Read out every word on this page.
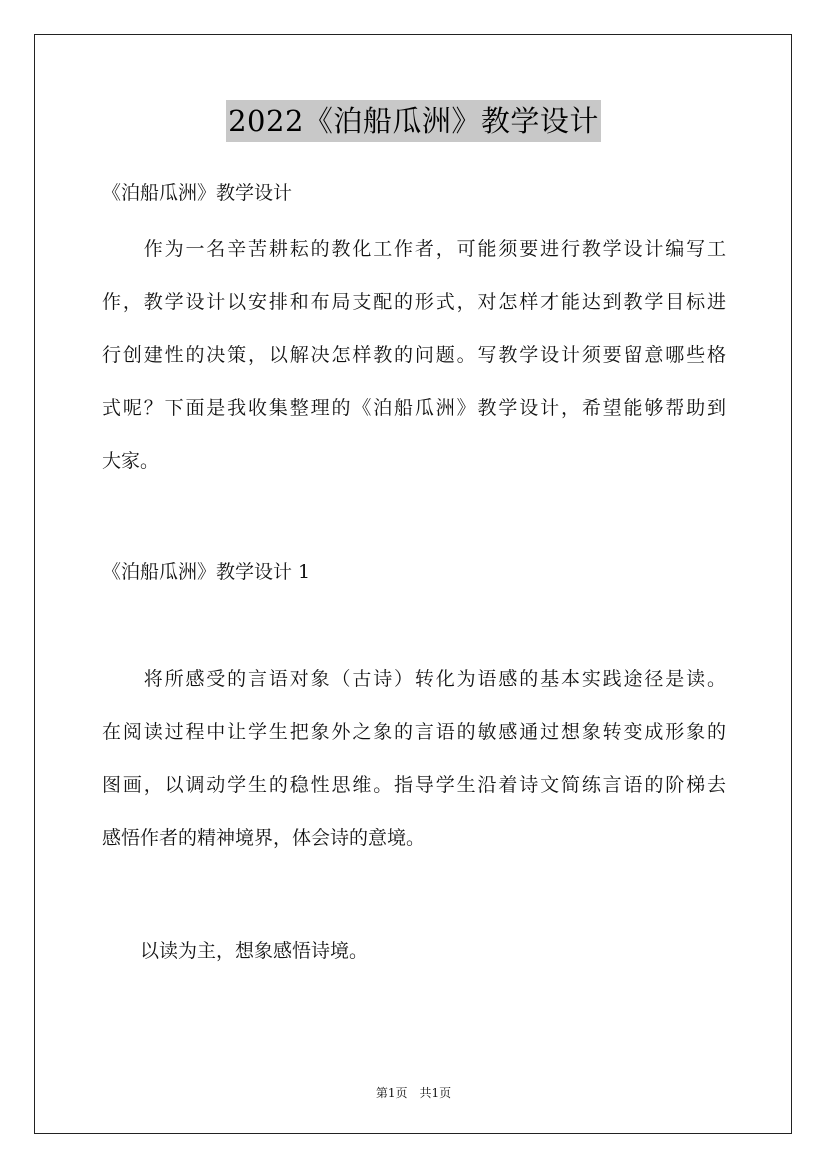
2022《泊船瓜洲》教学设计
《泊船瓜洲》教学设计
　　作为一名辛苦耕耘的教化工作者，可能须要进行教学设计编写工
作，教学设计以安排和布局支配的形式，对怎样才能达到教学目标进
行创建性的决策，以解决怎样教的问题。写教学设计须要留意哪些格
式呢？下面是我收集整理的《泊船瓜洲》教学设计，希望能够帮助到
大家。
《泊船瓜洲》教学设计 1
　　将所感受的言语对象（古诗）转化为语感的基本实践途径是读。
在阅读过程中让学生把象外之象的言语的敏感通过想象转变成形象的
图画，以调动学生的稳性思维。指导学生沿着诗文简练言语的阶梯去
感悟作者的精神境界，体会诗的意境。
　　以读为主，想象感悟诗境。
第1页　共1页
